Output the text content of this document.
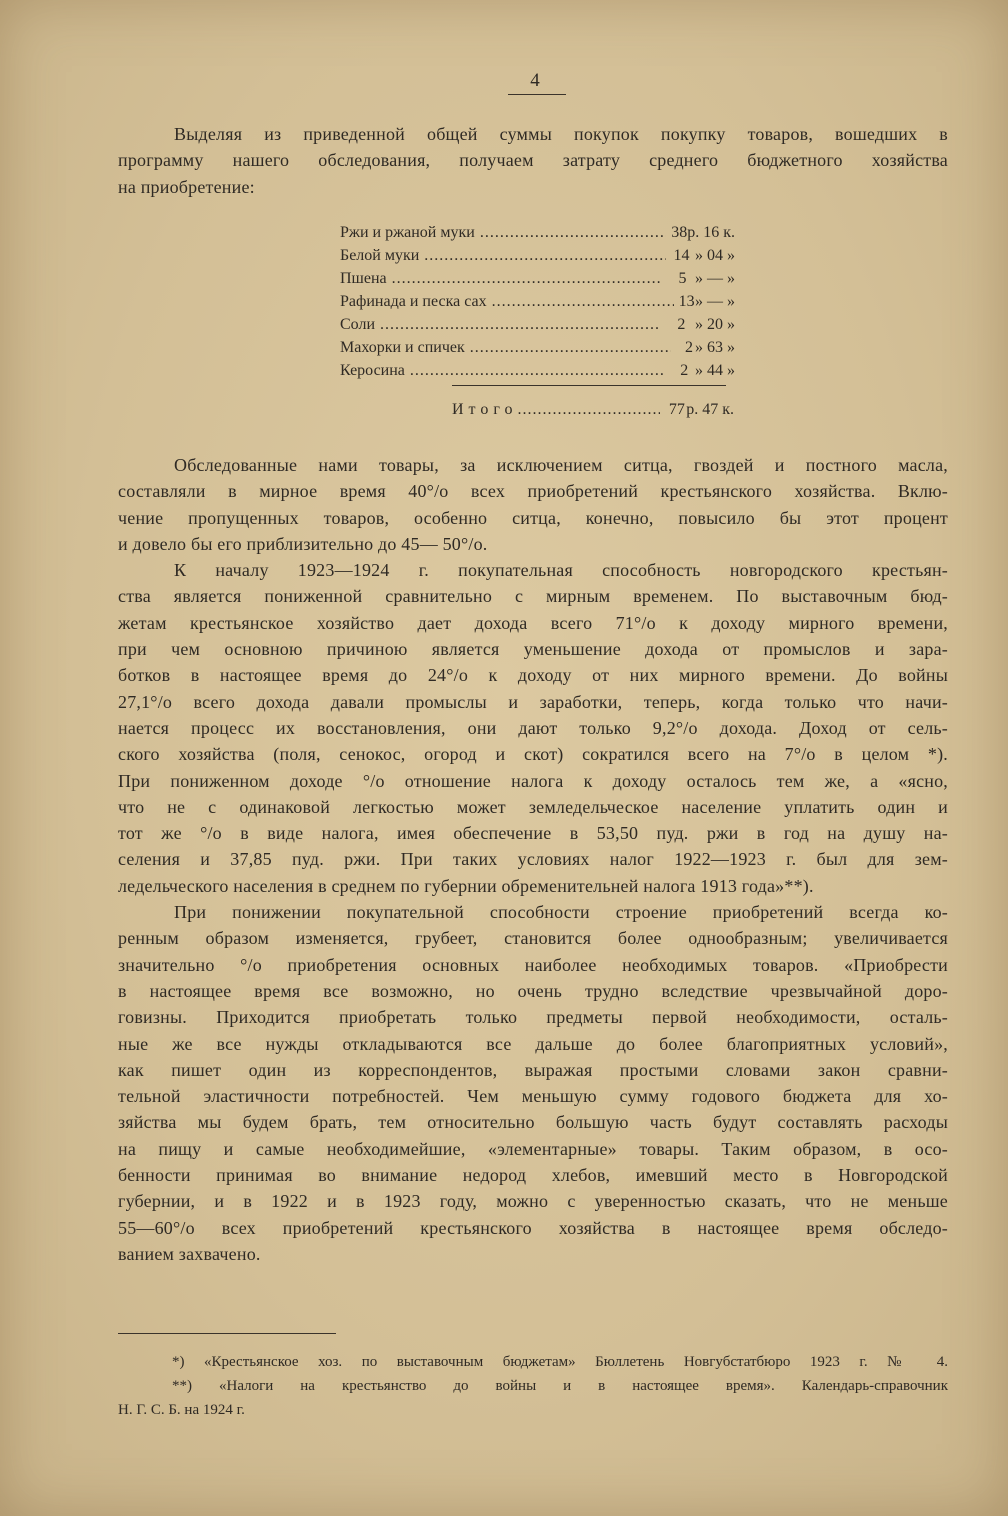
4
Выделяя из приведенной общей суммы покупок покупку товаров, вошедших в
программу нашего обследования, получаем затрату среднего бюджетного хозяйства
на приобретение:
Ржи и ржаной муки .....	38 р. 16 к.
Белой муки .....	14 » 04 »
Пшена .....	5 » — »
Рафинада и песка сах .....	13 » — »
Соли .....	2 » 20 »
Махорки и спичек .....	2 » 63 »
Керосина .....	2 » 44 »
Итого
.....	77 р. 47 к.
Обследованные нами товары, за исключением ситца, гвоздей и постного масла,
составляли в мирное время 40°/о всех приобретений крестьянского хозяйства. Вклю-
чение пропущенных товаров, особенно ситца, конечно, повысило бы этот процент
и довело бы его приблизительно до 45— 50°/о.
К началу 1923—1924 г. покупательная способность новгородского крестьян-
ства является пониженной сравнительно с мирным временем. По выставочным бюд-
жетам крестьянское хозяйство дает дохода всего 71°/о к доходу мирного времени,
при чем основною причиною является уменьшение дохода от промыслов и зара-
ботков в настоящее время до 24°/о к доходу от них мирного времени. До войны
27,1°/о всего дохода давали промыслы и заработки, теперь, когда только что начи-
нается процесс их восстановления, они дают только 9,2°/о дохода. Доход от сель-
ского хозяйства (поля, сенокос, огород и скот) сократился всего на 7°/о в целом *).
При пониженном доходе °/о отношение налога к доходу осталось тем же, а «ясно,
что не с одинаковой легкостью может земледельческое население уплатить один и
тот же °/о в виде налога, имея обеспечение в 53,50 пуд. ржи в год на душу на-
селения и 37,85 пуд. ржи. При таких условиях налог 1922—1923 г. был для зем-
ледельческого населения в среднем по губернии обременительней налога 1913 года»**).
При понижении покупательной способности строение приобретений всегда ко-
ренным образом изменяется, грубеет, становится более однообразным; увеличивается
значительно °/о приобретения основных наиболее необходимых товаров. «Приобрести
в настоящее время все возможно, но очень трудно вследствие чрезвычайной доро-
говизны. Приходится приобретать только предметы первой необходимости, осталь-
ные же все нужды откладываются все дальше до более благоприятных условий»,
как пишет один из корреспондентов, выражая простыми словами закон сравни-
тельной эластичности потребностей. Чем меньшую сумму годового бюджета для хо-
зяйства мы будем брать, тем относительно большую часть будут составлять расходы
на пищу и самые необходимейшие, «элементарные» товары. Таким образом, в осо-
бенности принимая во внимание недород хлебов, имевший место в Новгородской
губернии, и в 1922 и в 1923 году, можно с уверенностью сказать, что не меньше
55—60°/о всех приобретений крестьянского хозяйства в настоящее время обследо-
ванием захвачено.
*) «Крестьянское хоз. по выставочным бюджетам» Бюллетень Новгубстатбюро 1923 г. № 4.
**) «Налоги на крестьянство до войны и в настоящее время». Календарь-справочник
Н. Г. С. Б. на 1924 г.
